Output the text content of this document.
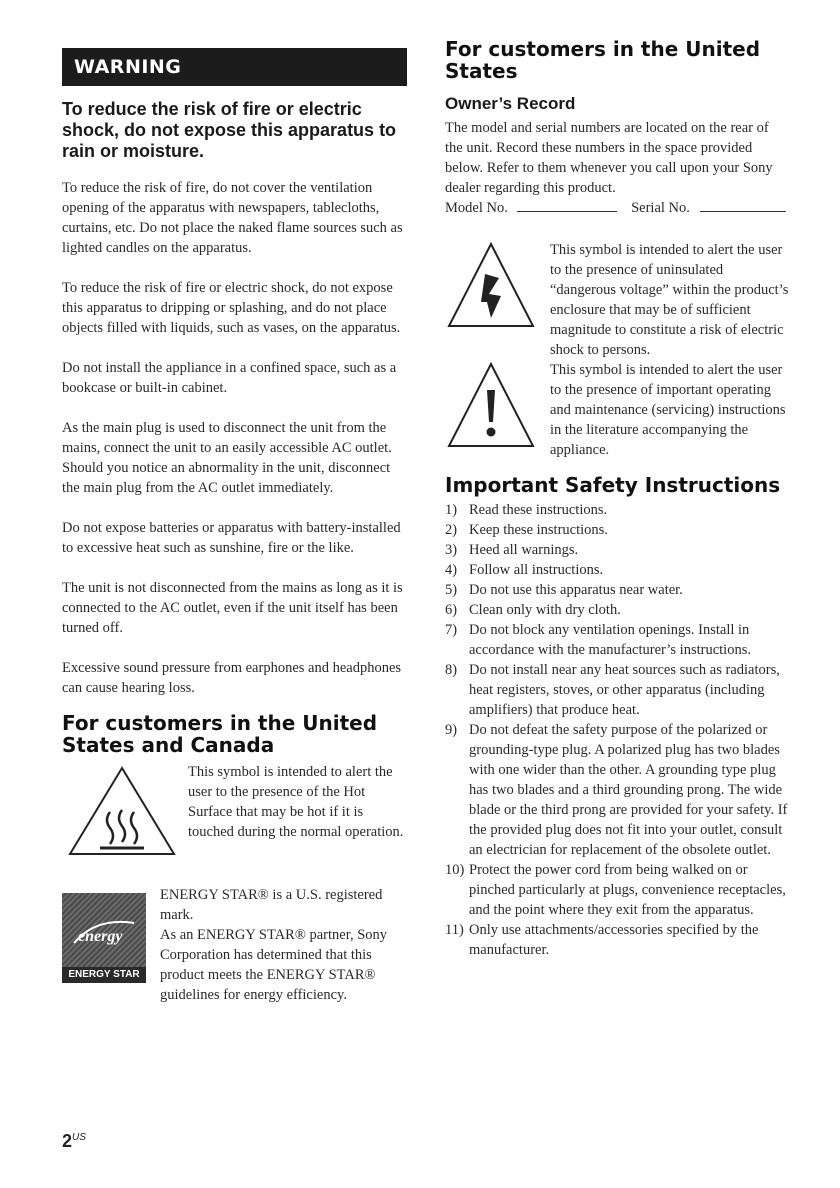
WARNING

To reduce the risk of fire or electric shock, do not expose this apparatus to rain or moisture.

To reduce the risk of fire, do not cover the ventilation opening of the apparatus with newspapers, tablecloths, curtains, etc. Do not place the naked flame sources such as lighted candles on the apparatus.

To reduce the risk of fire or electric shock, do not expose this apparatus to dripping or splashing, and do not place objects filled with liquids, such as vases, on the apparatus.

Do not install the appliance in a confined space, such as a bookcase or built-in cabinet.

As the main plug is used to disconnect the unit from the mains, connect the unit to an easily accessible AC outlet. Should you notice an abnormality in the unit, disconnect the main plug from the AC outlet immediately.

Do not expose batteries or apparatus with battery-installed to excessive heat such as sunshine, fire or the like.

The unit is not disconnected from the mains as long as it is connected to the AC outlet, even if the unit itself has been turned off.

Excessive sound pressure from earphones and headphones can cause hearing loss.

For customers in the United States and Canada
This symbol is intended to alert the user to the presence of the Hot Surface that may be hot if it is touched during the normal operation.
energy
ENERGY STAR
ENERGY STAR® is a U.S. registered mark.
As an ENERGY STAR® partner, Sony Corporation has determined that this product meets the ENERGY STAR® guidelines for energy efficiency.
For customers in the United States
Owner’s Record

The model and serial numbers are located on the rear of the unit. Record these numbers in the space provided below. Refer to them whenever you call upon your Sony dealer regarding this product.

Model No.	Serial No.
This symbol is intended to alert the user to the presence of uninsulated “dangerous voltage” within the product’s enclosure that may be of sufficient magnitude to constitute a risk of electric shock to persons.
This symbol is intended to alert the user to the presence of important operating and maintenance (servicing) instructions in the literature accompanying the appliance.
Important Safety Instructions
1) Read these instructions.
2) Keep these instructions.
3) Heed all warnings.
4) Follow all instructions.
5) Do not use this apparatus near water.
6) Clean only with dry cloth.
7) Do not block any ventilation openings. Install in accordance with the manufacturer’s instructions.
8) Do not install near any heat sources such as radiators, heat registers, stoves, or other apparatus (including amplifiers) that produce heat.
9) Do not defeat the safety purpose of the polarized or grounding-type plug. A polarized plug has two blades with one wider than the other. A grounding type plug has two blades and a third grounding prong. The wide blade or the third prong are provided for your safety. If the provided plug does not fit into your outlet, consult an electrician for replacement of the obsolete outlet.
10) Protect the power cord from being walked on or pinched particularly at plugs, convenience receptacles, and the point where they exit from the apparatus.
11) Only use attachments/accessories specified by the manufacturer.
$2^{US}$
